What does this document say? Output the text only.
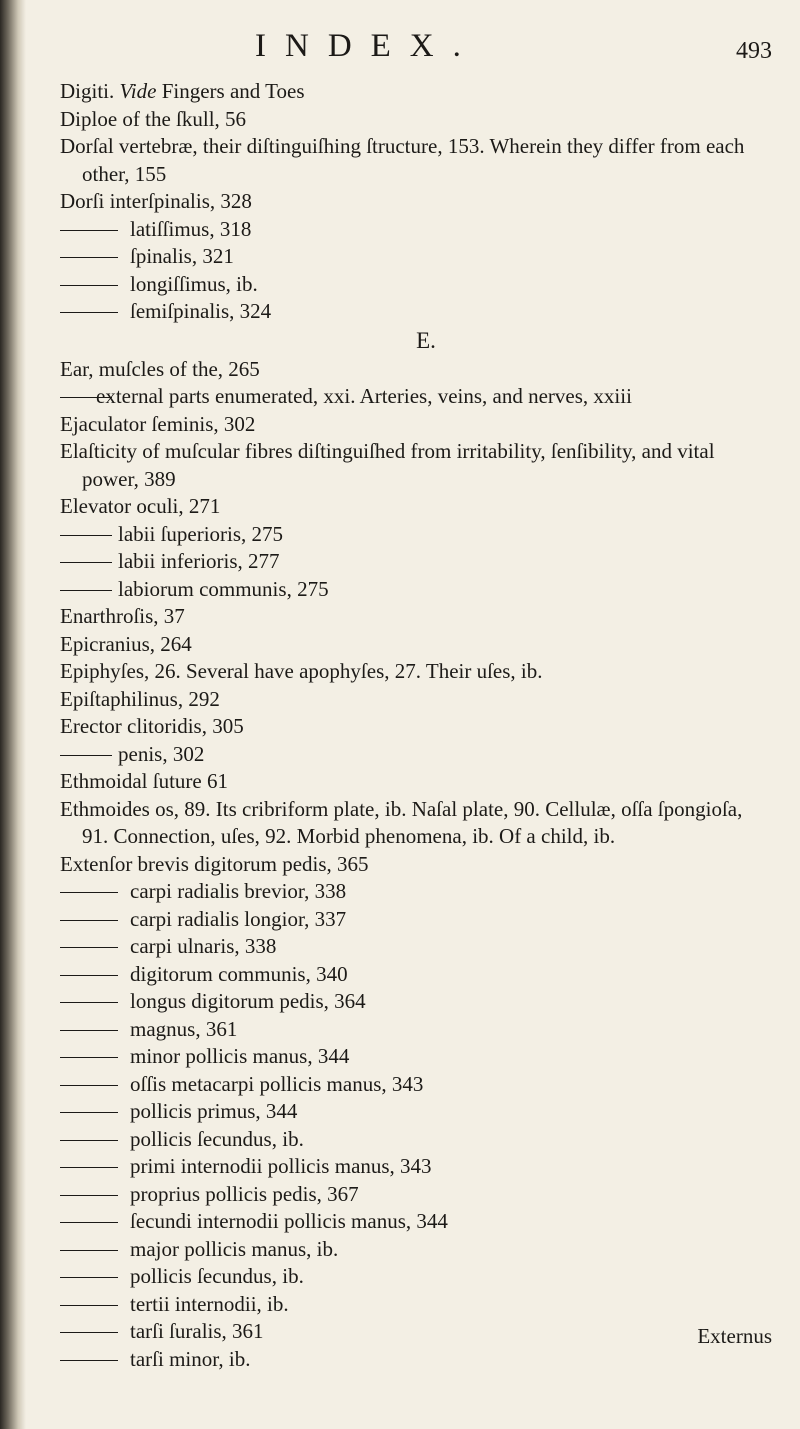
INDEX.	493
Digiti. Vide Fingers and Toes
Diploe of the ſkull, 56
Dorſal vertebræ, their diſtinguiſhing ſtructure, 153. Wherein they differ from each other, 155
Dorſi interſpinalis, 328
latiſſimus, 318
ſpinalis, 321
longiſſimus, ib.
ſemiſpinalis, 324
E.
Ear, muſcles of the, 265
external parts enumerated, xxi. Arteries, veins, and nerves, xxiii
Ejaculator ſeminis, 302
Elaſticity of muſcular fibres diſtinguiſhed from irritability, ſenſibility, and vital power, 389
Elevator oculi, 271
labii ſuperioris, 275
labii inferioris, 277
labiorum communis, 275
Enarthroſis, 37
Epicranius, 264
Epiphyſes, 26. Several have apophyſes, 27. Their uſes, ib.
Epiſtaphilinus, 292
Erector clitoridis, 305
penis, 302
Ethmoidal ſuture 61
Ethmoides os, 89. Its cribriform plate, ib. Naſal plate, 90. Cellulæ, oſſa ſpongioſa, 91. Connection, uſes, 92. Morbid phenomena, ib. Of a child, ib.
Extenſor brevis digitorum pedis, 365
carpi radialis brevior, 338
carpi radialis longior, 337
carpi ulnaris, 338
digitorum communis, 340
longus digitorum pedis, 364
magnus, 361
minor pollicis manus, 344
oſſis metacarpi pollicis manus, 343
pollicis primus, 344
pollicis ſecundus, ib.
primi internodii pollicis manus, 343
proprius pollicis pedis, 367
ſecundi internodii pollicis manus, 344
major pollicis manus, ib.
pollicis ſecundus, ib.
tertii internodii, ib.
tarſi ſuralis, 361
tarſi minor, ib.
Externus
